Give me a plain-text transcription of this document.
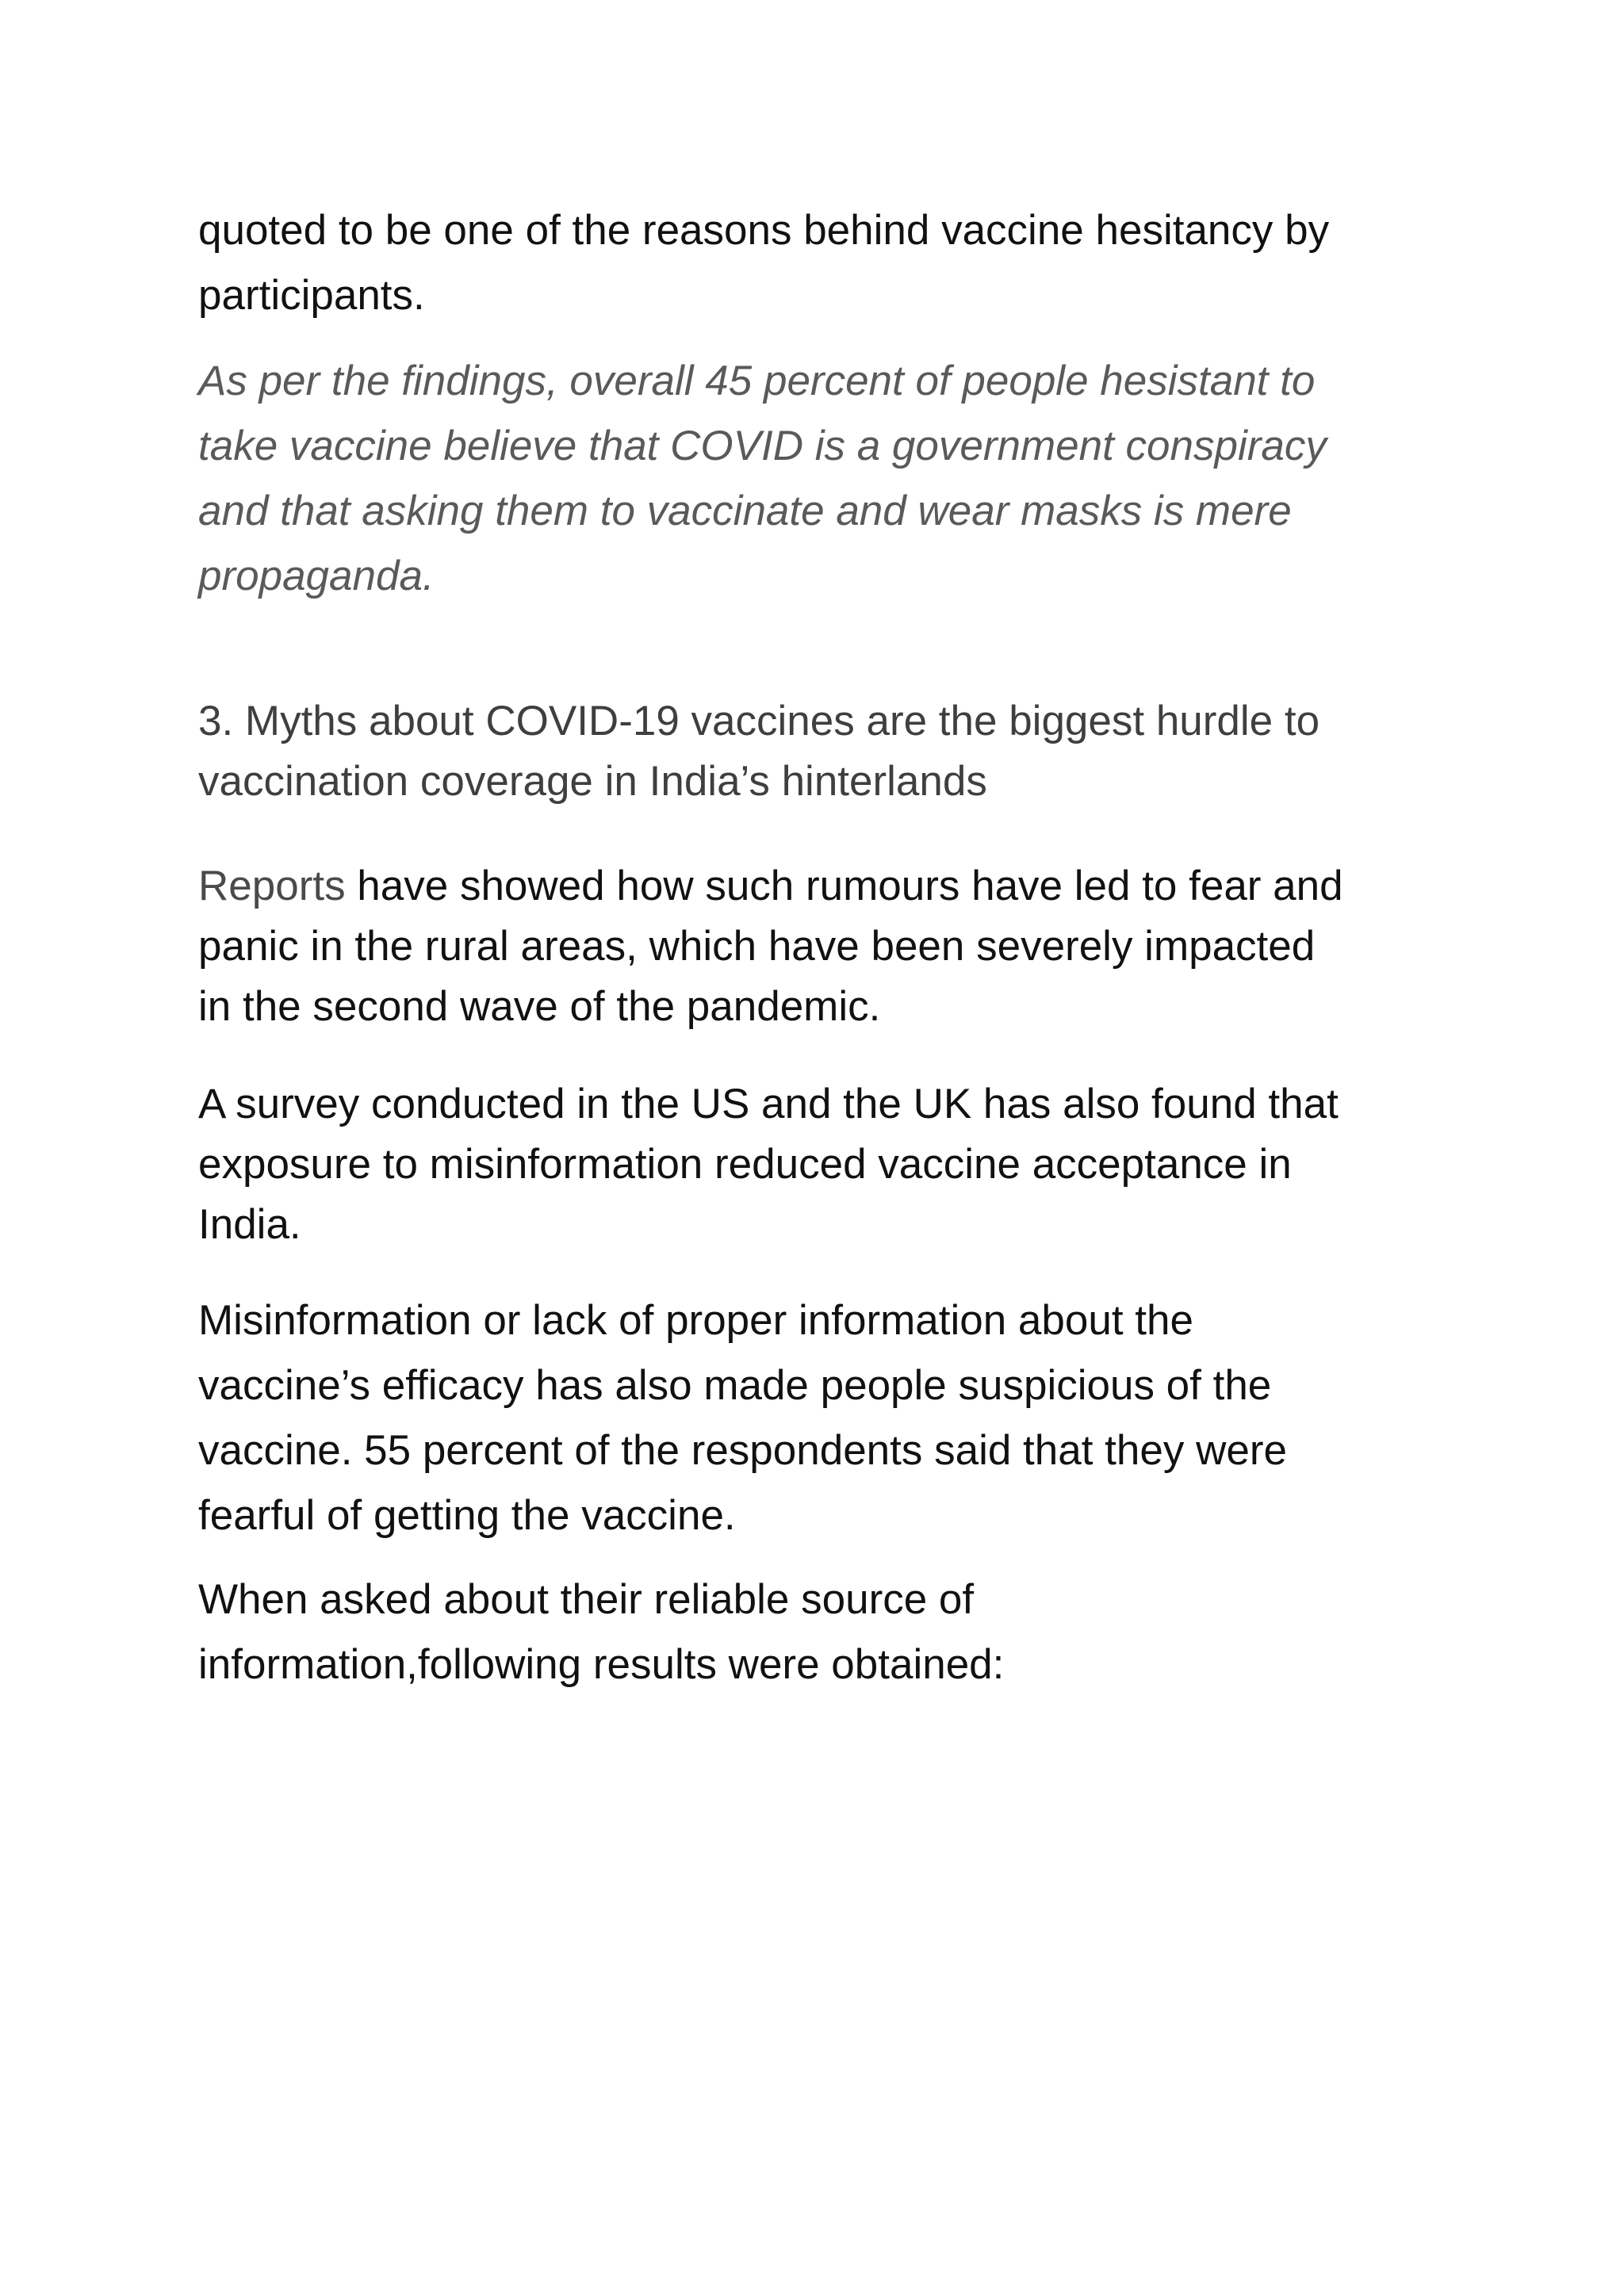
quoted to be one of the reasons behind vaccine hesitancy by
participants.

As per the findings, overall 45 percent of people hesistant to
take vaccine believe that COVID is a government conspiracy
and that asking them to vaccinate and wear masks is mere
propaganda.

3. Myths about COVID-19 vaccines are the biggest hurdle to
vaccination coverage in India’s hinterlands

Reports have showed how such rumours have led to fear and
panic in the rural areas, which have been severely impacted
in the second wave of the pandemic.

A survey conducted in the US and the UK has also found that
exposure to misinformation reduced vaccine acceptance in
India.

Misinformation or lack of proper information about the
vaccine’s efficacy has also made people suspicious of the
vaccine. 55 percent of the respondents said that they were
fearful of getting the vaccine.

When asked about their reliable source of
information,following results were obtained:
